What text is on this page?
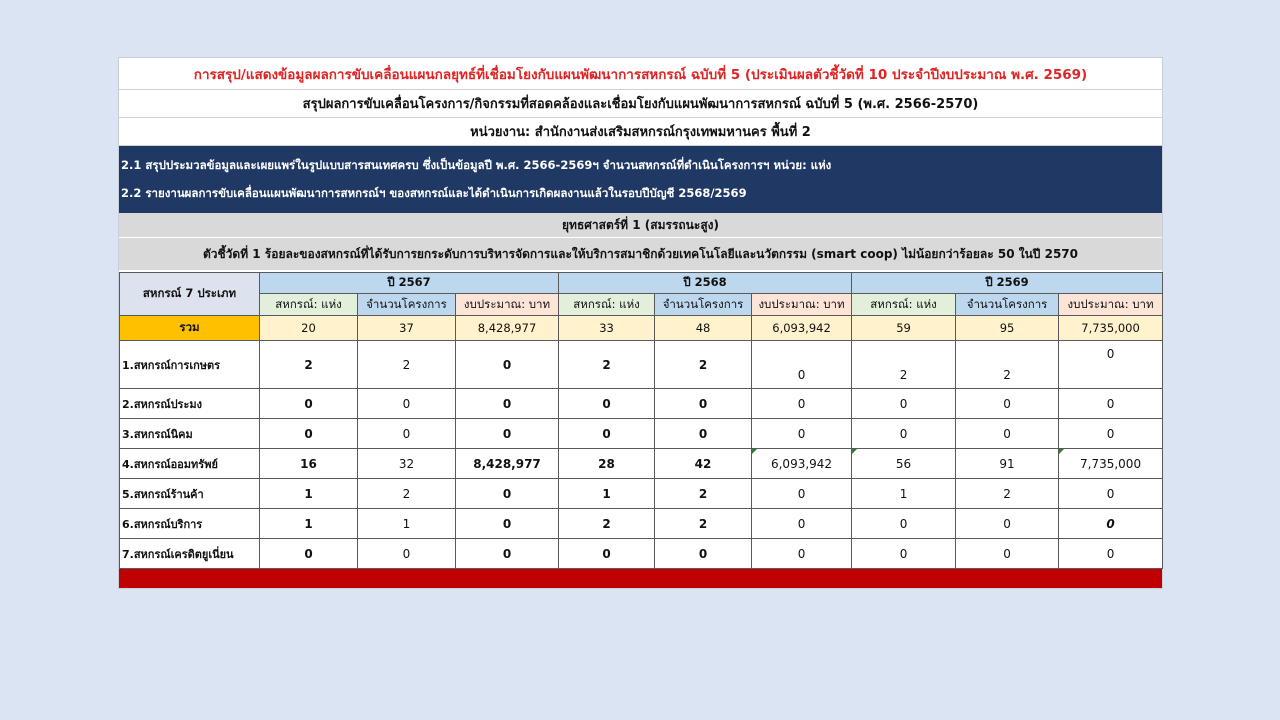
การสรุป/แสดงข้อมูลผลการขับเคลื่อนแผนกลยุทธ์ที่เชื่อมโยงกับแผนพัฒนาการสหกรณ์ ฉบับที่ 5 (ประเมินผลตัวชี้วัดที่ 10 ประจำปีงบประมาณ พ.ศ. 2569)
สรุปผลการขับเคลื่อนโครงการ/กิจกรรมที่สอดคล้องและเชื่อมโยงกับแผนพัฒนาการสหกรณ์ ฉบับที่ 5 (พ.ศ. 2566-2570)
หน่วยงาน: สำนักงานส่งเสริมสหกรณ์กรุงเทพมหานคร พื้นที่ 2
2.1 สรุปประมวลข้อมูลและเผยแพร่ในรูปแบบสารสนเทศครบ ซึ่งเป็นข้อมูลปี พ.ศ. 2566-2569ฯ จำนวนสหกรณ์ที่ดำเนินโครงการฯ หน่วย: แห่ง
2.2 รายงานผลการขับเคลื่อนแผนพัฒนาการสหกรณ์ฯ ของสหกรณ์และได้ดำเนินการเกิดผลงานแล้วในรอบปีบัญชี 2568/2569
ยุทธศาสตร์ที่ 1 (สมรรถนะสูง)
ตัวชี้วัดที่ 1 ร้อยละของสหกรณ์ที่ได้รับการยกระดับการบริหารจัดการและให้บริการสมาชิกด้วยเทคโนโลยีและนวัตกรรม (smart coop) ไม่น้อยกว่าร้อยละ 50 ในปี 2570
สหกรณ์ 7 ประเภท	ปี 2567			ปี 2568			ปี 2569		
	สหกรณ์: แห่ง	จำนวนโครงการ	งบประมาณ: บาท	สหกรณ์: แห่ง	จำนวนโครงการ	งบประมาณ: บาท	สหกรณ์: แห่ง	จำนวนโครงการ	งบประมาณ: บาท
รวม	20	37	8,428,977	33	48	6,093,942	59	95	7,735,000
1.สหกรณ์การเกษตร	2	2	0	2	2	0	2	2	0
2.สหกรณ์ประมง	0	0	0	0	0	0	0	0	0
3.สหกรณ์นิคม	0	0	0	0	0	0	0	0	0
4.สหกรณ์ออมทรัพย์	16	32	8,428,977	28	42	6,093,942	56	91	7,735,000
5.สหกรณ์ร้านค้า	1	2	0	1	2	0	1	2	0
6.สหกรณ์บริการ	1	1	0	2	2	0	0	0	0
7.สหกรณ์เครดิตยูเนี่ยน	0	0	0	0	0	0	0	0	0
